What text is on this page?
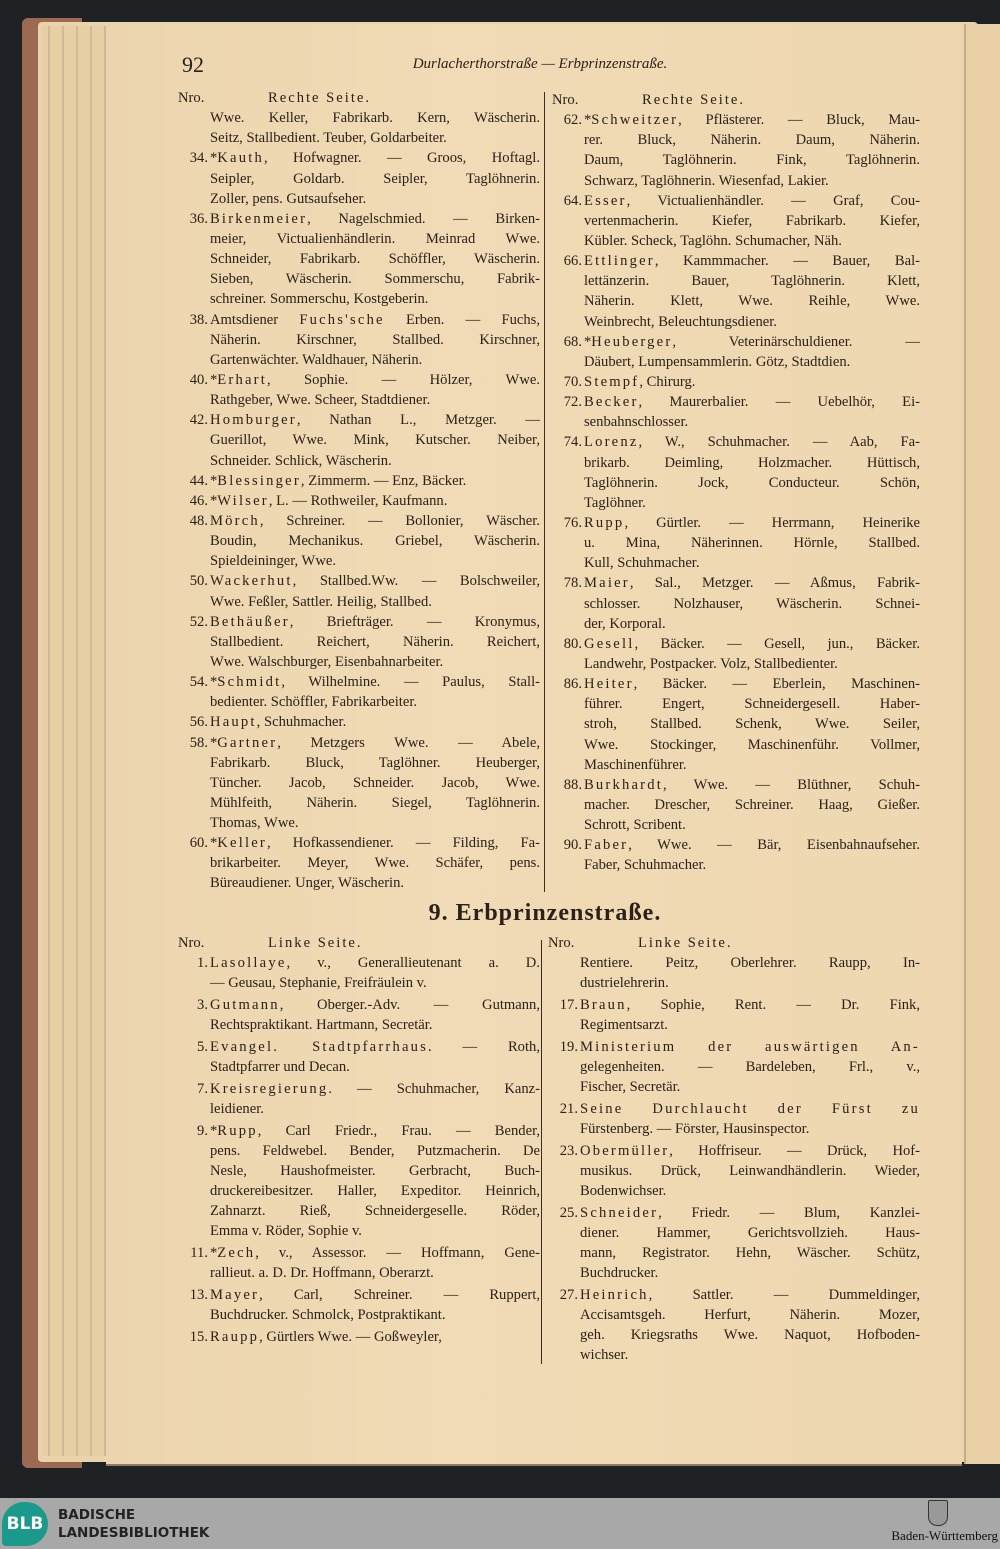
92	Durlacherthorstraße — Erbprinzenstraße.
Nro.	Rechte Seite.
Wwe. Keller, Fabrikarb. Kern, Wäscherin.
Seitz, Stallbedient. Teuber, Goldarbeiter.
34. *Kauth, Hofwagner. — Groos, Hoftagl.
Seipler, Goldarb. Seipler, Taglöhnerin.
Zoller, pens. Gutsaufseher.
36. Birkenmeier, Nagelschmied. — Birken-
meier, Victualienhändlerin. Meinrad Wwe.
Schneider, Fabrikarb. Schöffler, Wäscherin.
Sieben, Wäscherin. Sommerschu, Fabrik-
schreiner. Sommerschu, Kostgeberin.
38. Amtsdiener Fuchs'sche Erben. — Fuchs,
Näherin. Kirschner, Stallbed. Kirschner,
Gartenwächter. Waldhauer, Näherin.
40. *Erhart, Sophie. — Hölzer, Wwe.
Rathgeber, Wwe. Scheer, Stadtdiener.
42. Homburger, Nathan L., Metzger. —
Guerillot, Wwe. Mink, Kutscher. Neiber,
Schneider. Schlick, Wäscherin.
44. *Blessinger, Zimmerm. — Enz, Bäcker.
46. *Wilser, L. — Rothweiler, Kaufmann.
48. Mörch, Schreiner. — Bollonier, Wäscher.
Boudin, Mechanikus. Griebel, Wäscherin.
Spieldeininger, Wwe.
50. Wackerhut, Stallbed.Ww. — Bolschweiler,
Wwe. Feßler, Sattler. Heilig, Stallbed.
52. Bethäußer, Briefträger. — Kronymus,
Stallbedient. Reichert, Näherin. Reichert,
Wwe. Walschburger, Eisenbahnarbeiter.
54. *Schmidt, Wilhelmine. — Paulus, Stall-
bedienter. Schöffler, Fabrikarbeiter.
56. Haupt, Schuhmacher.
58. *Gartner, Metzgers Wwe. — Abele,
Fabrikarb. Bluck, Taglöhner. Heuberger,
Tüncher. Jacob, Schneider. Jacob, Wwe.
Mühlfeith, Näherin. Siegel, Taglöhnerin.
Thomas, Wwe.
60. *Keller, Hofkassendiener. — Filding, Fa-
brikarbeiter. Meyer, Wwe. Schäfer, pens.
Büreaudiener. Unger, Wäscherin.
Nro.	Rechte Seite.
62. *Schweitzer, Pflästerer. — Bluck, Mau-
rer. Bluck, Näherin. Daum, Näherin.
Daum, Taglöhnerin. Fink, Taglöhnerin.
Schwarz, Taglöhnerin. Wiesenfad, Lakier.
64. Esser, Victualienhändler. — Graf, Cou-
vertenmacherin. Kiefer, Fabrikarb. Kiefer,
Kübler. Scheck, Taglöhn. Schumacher, Näh.
66. Ettlinger, Kammmacher. — Bauer, Bal-
lettänzerin. Bauer, Taglöhnerin. Klett,
Näherin. Klett, Wwe. Reihle, Wwe.
Weinbrecht, Beleuchtungsdiener.
68. *Heuberger, Veterinärschuldiener. —
Däubert, Lumpensammlerin. Götz, Stadtdien.
70. Stempf, Chirurg.
72. Becker, Maurerbalier. — Uebelhör, Ei-
senbahnschlosser.
74. Lorenz, W., Schuhmacher. — Aab, Fa-
brikarb. Deimling, Holzmacher. Hüttisch,
Taglöhnerin. Jock, Conducteur. Schön,
Taglöhner.
76. Rupp, Gürtler. — Herrmann, Heinerike
u. Mina, Näherinnen. Hörnle, Stallbed.
Kull, Schuhmacher.
78. Maier, Sal., Metzger. — Aßmus, Fabrik-
schlosser. Nolzhauser, Wäscherin. Schnei-
der, Korporal.
80. Gesell, Bäcker. — Gesell, jun., Bäcker.
Landwehr, Postpacker. Volz, Stallbedienter.
86. Heiter, Bäcker. — Eberlein, Maschinen-
führer. Engert, Schneidergesell. Haber-
stroh, Stallbed. Schenk, Wwe. Seiler,
Wwe. Stockinger, Maschinenführ. Vollmer,
Maschinenführer.
88. Burkhardt, Wwe. — Blüthner, Schuh-
macher. Drescher, Schreiner. Haag, Gießer.
Schrott, Scribent.
90. Faber, Wwe. — Bär, Eisenbahnaufseher.
Faber, Schuhmacher.
9. Erbprinzenstraße.
Nro.	Linke Seite.
1. Lasollaye, v., Generallieutenant a. D.
— Geusau, Stephanie, Freifräulein v.
3. Gutmann, Oberger.-Adv. — Gutmann,
Rechtspraktikant. Hartmann, Secretär.
5. Evangel. Stadtpfarrhaus. — Roth,
Stadtpfarrer und Decan.
7. Kreisregierung. — Schuhmacher, Kanz-
leidiener.
9. *Rupp, Carl Friedr., Frau. — Bender,
pens. Feldwebel. Bender, Putzmacherin. De
Nesle, Haushofmeister. Gerbracht, Buch-
druckereibesitzer. Haller, Expeditor. Heinrich,
Zahnarzt. Rieß, Schneidergeselle. Röder,
Emma v. Röder, Sophie v.
11. *Zech, v., Assessor. — Hoffmann, Gene-
rallieut. a. D. Dr. Hoffmann, Oberarzt.
13. Mayer, Carl, Schreiner. — Ruppert,
Buchdrucker. Schmolck, Postpraktikant.
15. Raupp, Gürtlers Wwe. — Goßweyler,
Nro.	Linke Seite.
Rentiere. Peitz, Oberlehrer. Raupp, In-
dustrielehrerin.
17. Braun, Sophie, Rent. — Dr. Fink,
Regimentsarzt.
19. Ministerium der auswärtigen An-
gelegenheiten. — Bardeleben, Frl., v.,
Fischer, Secretär.
21. Seine Durchlaucht der Fürst zu
Fürstenberg. — Förster, Hausinspector.
23. Obermüller, Hoffriseur. — Drück, Hof-
musikus. Drück, Leinwandhändlerin. Wieder,
Bodenwichser.
25. Schneider, Friedr. — Blum, Kanzlei-
diener. Hammer, Gerichtsvollzieh. Haus-
mann, Registrator. Hehn, Wäscher. Schütz,
Buchdrucker.
27. Heinrich, Sattler. — Dummeldinger,
Accisamtsgeh. Herfurt, Näherin. Mozer,
geh. Kriegsraths Wwe. Naquot, Hofboden-
wichser.
BLB	BADISCHE
LANDESBIBLIOTHEK	Baden-Württemberg
